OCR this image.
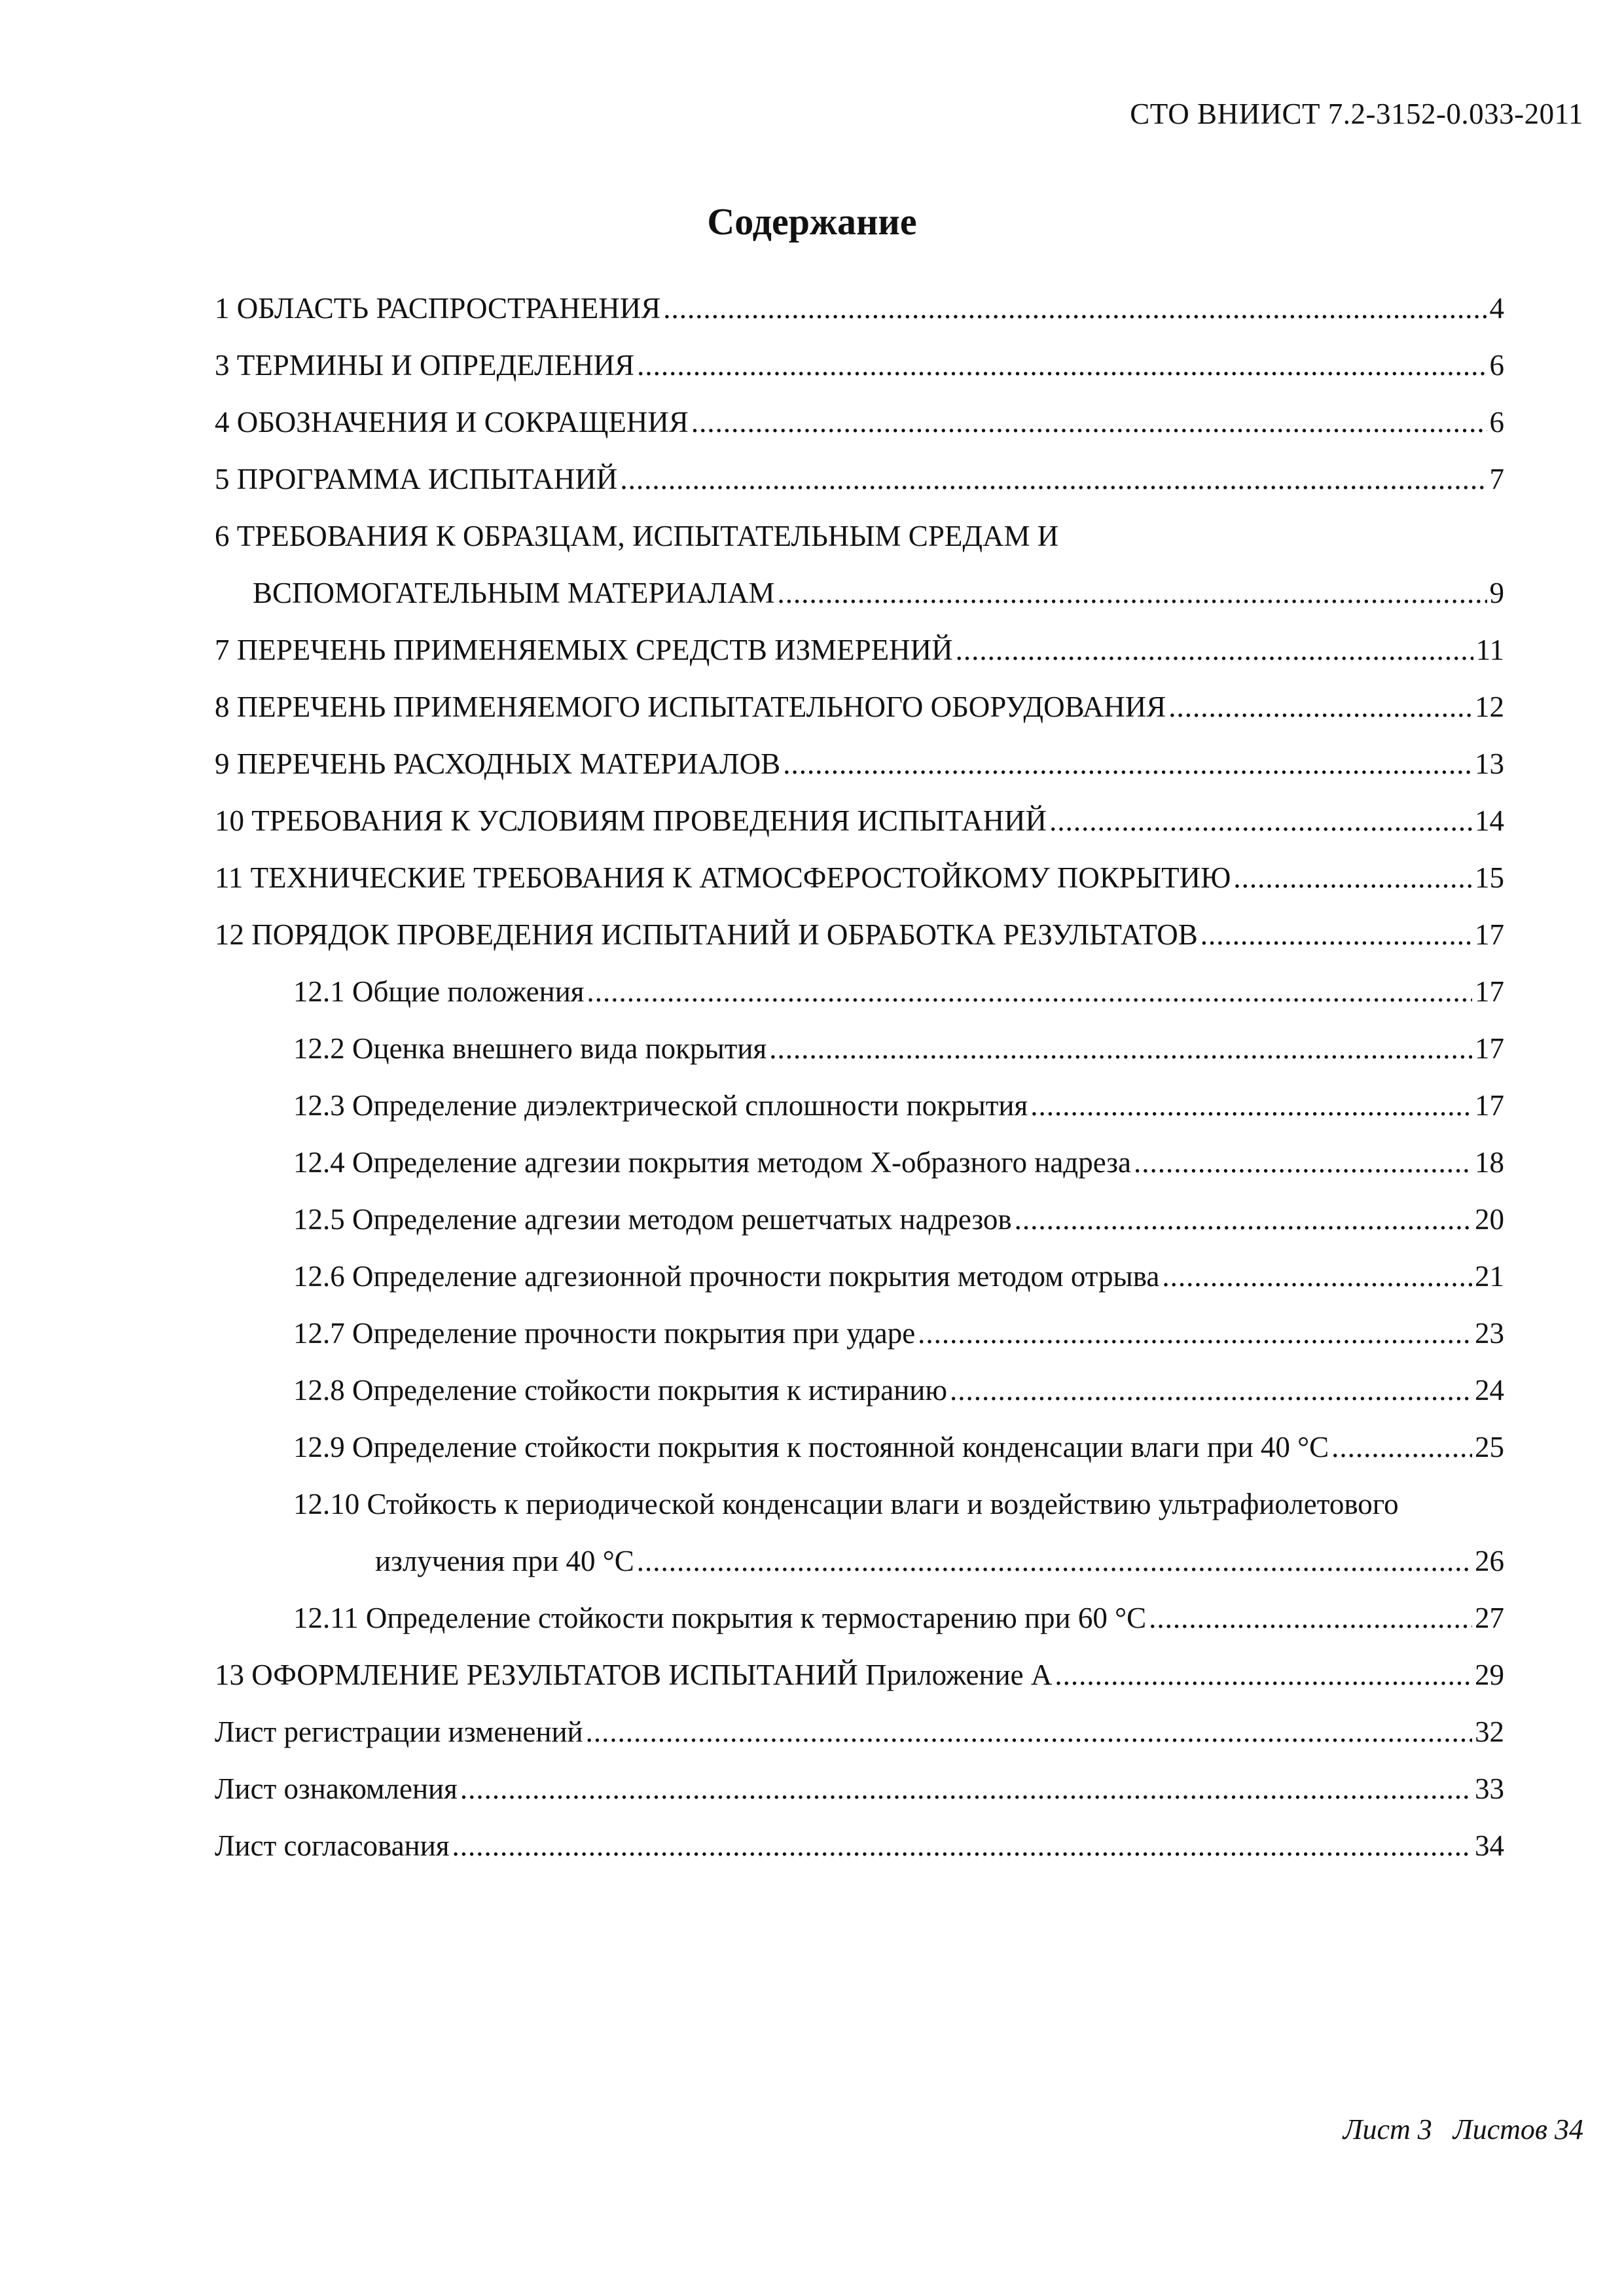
СТО ВНИИСТ 7.2-3152-0.033-2011
Содержание
1 ОБЛАСТЬ РАСПРОСТРАНЕНИЯ .....	4
3 ТЕРМИНЫ И ОПРЕДЕЛЕНИЯ .....	6
4 ОБОЗНАЧЕНИЯ И СОКРАЩЕНИЯ .....	6
5 ПРОГРАММА ИСПЫТАНИЙ .....	7
6 ТРЕБОВАНИЯ К ОБРАЗЦАМ, ИСПЫТАТЕЛЬНЫМ СРЕДАМ И
ВСПОМОГАТЕЛЬНЫМ МАТЕРИАЛАМ .....	9
7 ПЕРЕЧЕНЬ ПРИМЕНЯЕМЫХ СРЕДСТВ ИЗМЕРЕНИЙ .....	11
8 ПЕРЕЧЕНЬ ПРИМЕНЯЕМОГО ИСПЫТАТЕЛЬНОГО ОБОРУДОВАНИЯ .....	12
9 ПЕРЕЧЕНЬ РАСХОДНЫХ МАТЕРИАЛОВ .....	13
10 ТРЕБОВАНИЯ К УСЛОВИЯМ ПРОВЕДЕНИЯ ИСПЫТАНИЙ .....	14
11 ТЕХНИЧЕСКИЕ ТРЕБОВАНИЯ К АТМОСФЕРОСТОЙКОМУ ПОКРЫТИЮ .....	15
12 ПОРЯДОК ПРОВЕДЕНИЯ ИСПЫТАНИЙ И ОБРАБОТКА РЕЗУЛЬТАТОВ .....	17
12.1 Общие положения .....	17
12.2 Оценка внешнего вида покрытия .....	17
12.3 Определение диэлектрической сплошности покрытия .....	17
12.4 Определение адгезии покрытия методом Х-образного надреза .....	18
12.5 Определение адгезии методом решетчатых надрезов .....	20
12.6 Определение адгезионной прочности покрытия методом отрыва .....	21
12.7 Определение прочности покрытия при ударе .....	23
12.8 Определение стойкости покрытия к истиранию .....	24
12.9 Определение стойкости покрытия к постоянной конденсации влаги при 40 °С .....	25
12.10 Стойкость к периодической конденсации влаги и воздействию ультрафиолетового
излучения при 40 °С .....	26
12.11 Определение стойкости покрытия к термостарению при 60 °С .....	27
13 ОФОРМЛЕНИЕ РЕЗУЛЬТАТОВ ИСПЫТАНИЙ Приложение А .....	29
Лист регистрации изменений .....	32
Лист ознакомления .....	33
Лист согласования .....	34
Лист 3 Листов 34
